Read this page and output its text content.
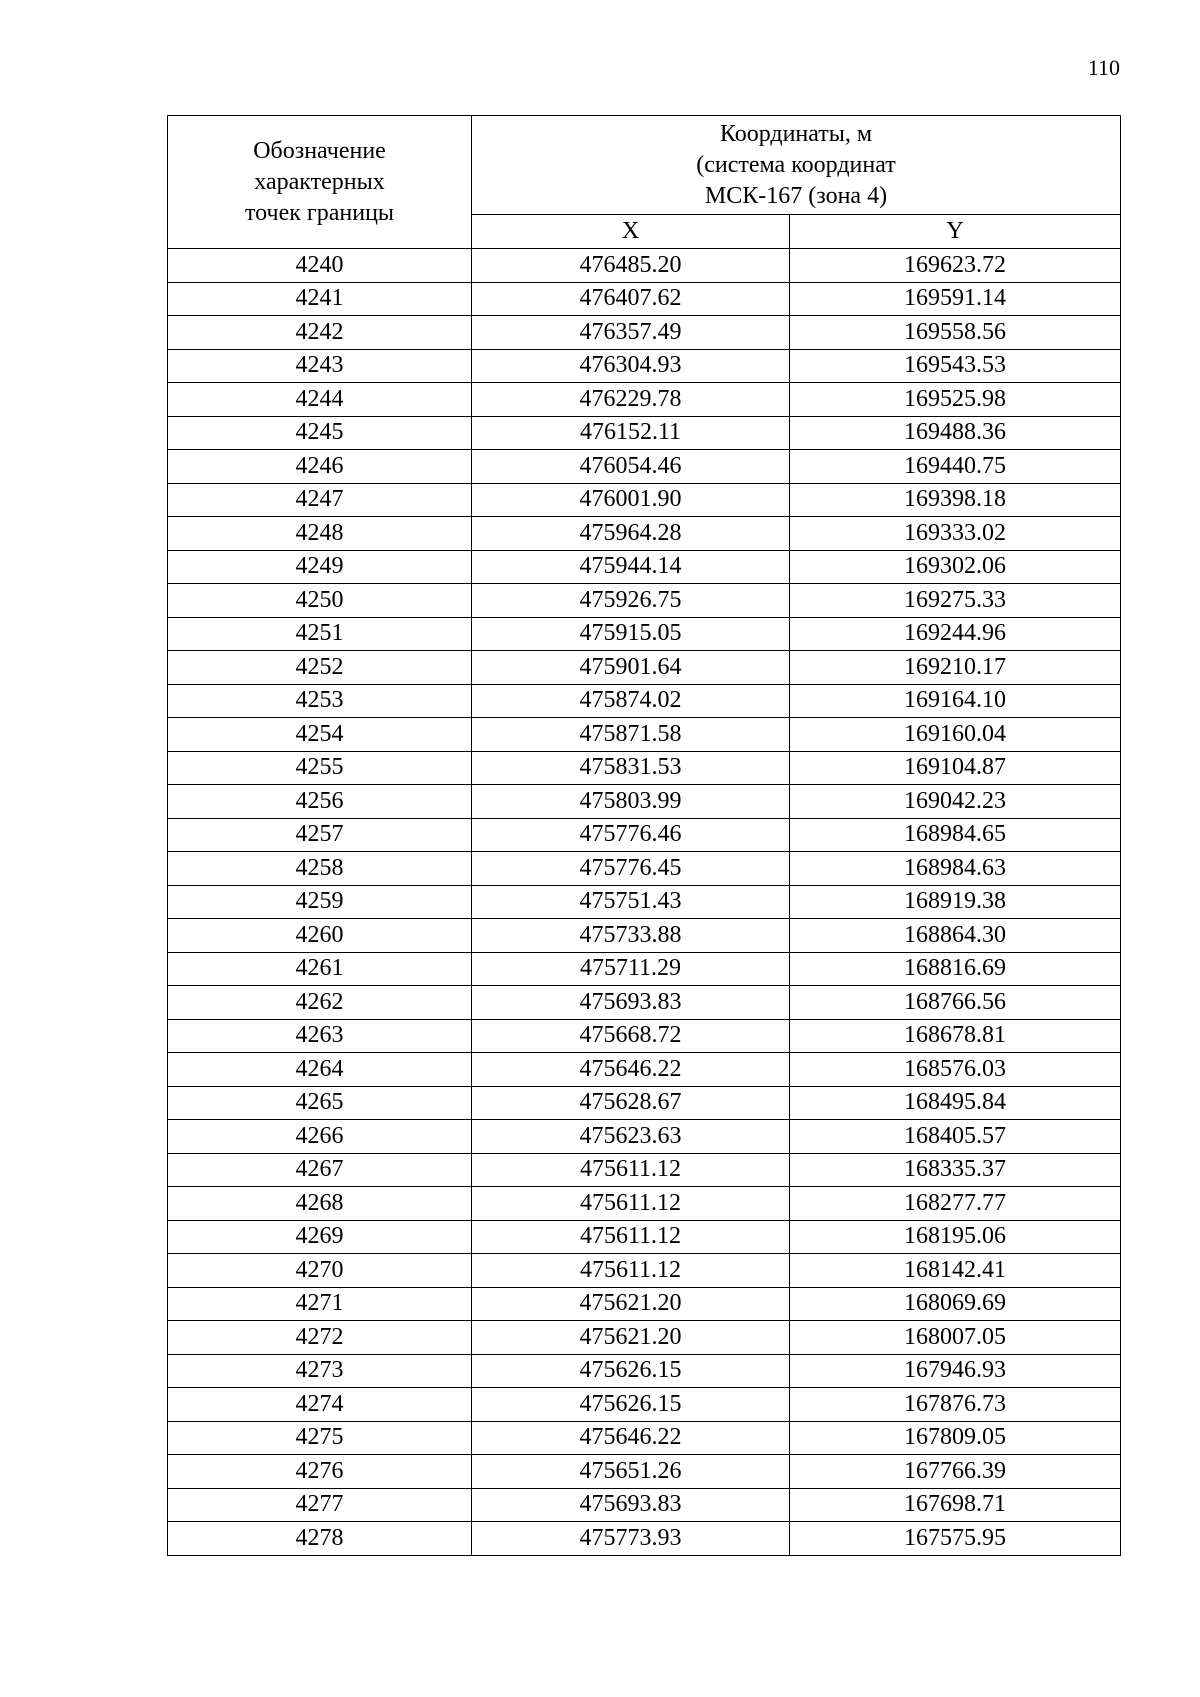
110
Обозначение характерных точек границы	Координаты, м
(система координат
МСК-167 (зона 4)	

	X	Y
4240	476485.20	169623.72
4241	476407.62	169591.14
4242	476357.49	169558.56
4243	476304.93	169543.53
4244	476229.78	169525.98
4245	476152.11	169488.36
4246	476054.46	169440.75
4247	476001.90	169398.18
4248	475964.28	169333.02
4249	475944.14	169302.06
4250	475926.75	169275.33
4251	475915.05	169244.96
4252	475901.64	169210.17
4253	475874.02	169164.10
4254	475871.58	169160.04
4255	475831.53	169104.87
4256	475803.99	169042.23
4257	475776.46	168984.65
4258	475776.45	168984.63
4259	475751.43	168919.38
4260	475733.88	168864.30
4261	475711.29	168816.69
4262	475693.83	168766.56
4263	475668.72	168678.81
4264	475646.22	168576.03
4265	475628.67	168495.84
4266	475623.63	168405.57
4267	475611.12	168335.37
4268	475611.12	168277.77
4269	475611.12	168195.06
4270	475611.12	168142.41
4271	475621.20	168069.69
4272	475621.20	168007.05
4273	475626.15	167946.93
4274	475626.15	167876.73
4275	475646.22	167809.05
4276	475651.26	167766.39
4277	475693.83	167698.71
4278	475773.93	167575.95
